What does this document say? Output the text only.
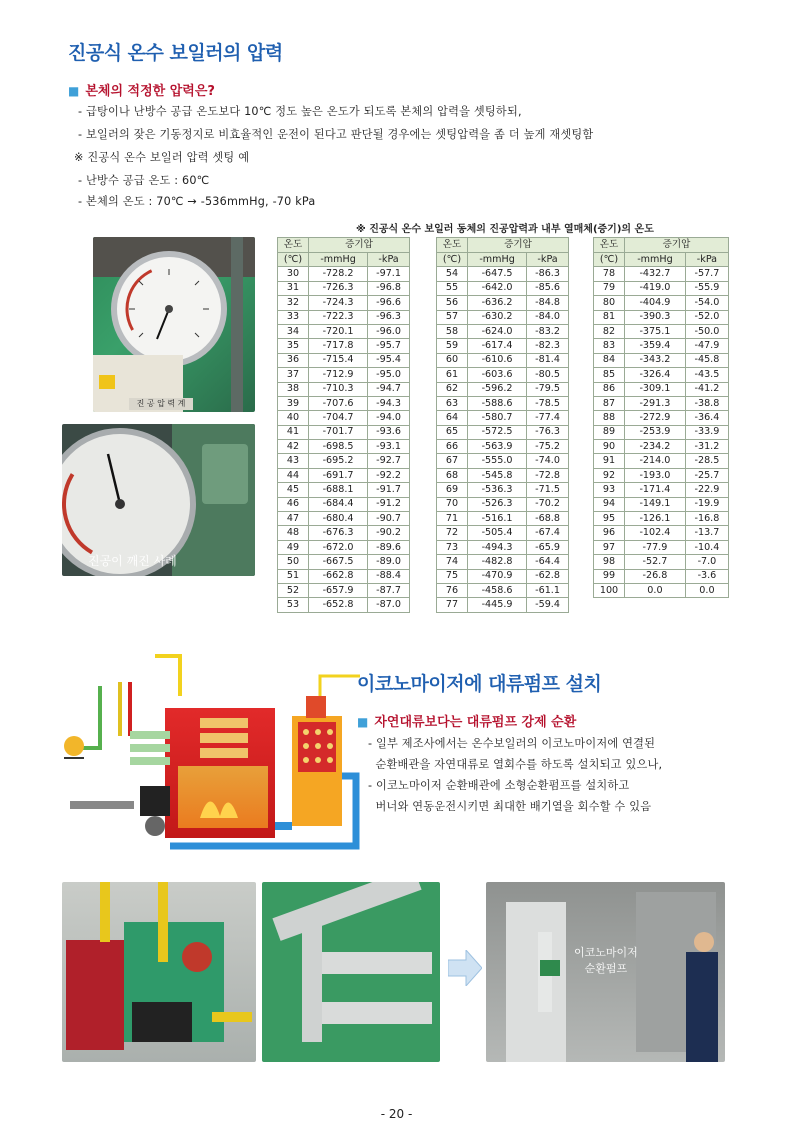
진공식 온수 보일러의 압력
■ 본체의 적정한 압력은?
- 급탕이나 난방수 공급 온도보다 10℃ 정도 높은 온도가 되도록 본체의 압력을 셋팅하되,
- 보일러의 잦은 기동정지로 비효율적인 운전이 된다고 판단될 경우에는 셋팅압력을 좀 더 높게 재셋팅함
※ 진공식 온수 보일러 압력 셋팅 예
- 난방수 공급 온도 : 60℃
- 본체의 온도 : 70℃ → -536mmHg, -70 kPa
※ 진공식 온수 보일러 동체의 진공압력과 내부 열매체(증기)의 온도
온도	증기압	
(℃)	-mmHg	-kPa
30	-728.2	-97.1
31	-726.3	-96.8
32	-724.3	-96.6
33	-722.3	-96.3
34	-720.1	-96.0
35	-717.8	-95.7
36	-715.4	-95.4
37	-712.9	-95.0
38	-710.3	-94.7
39	-707.6	-94.3
40	-704.7	-94.0
41	-701.7	-93.6
42	-698.5	-93.1
43	-695.2	-92.7
44	-691.7	-92.2
45	-688.1	-91.7
46	-684.4	-91.2
47	-680.4	-90.7
48	-676.3	-90.2
49	-672.0	-89.6
50	-667.5	-89.0
51	-662.8	-88.4
52	-657.9	-87.7
53	-652.8	-87.0
온도	증기압	
(℃)	-mmHg	-kPa
54	-647.5	-86.3
55	-642.0	-85.6
56	-636.2	-84.8
57	-630.2	-84.0
58	-624.0	-83.2
59	-617.4	-82.3
60	-610.6	-81.4
61	-603.6	-80.5
62	-596.2	-79.5
63	-588.6	-78.5
64	-580.7	-77.4
65	-572.5	-76.3
66	-563.9	-75.2
67	-555.0	-74.0
68	-545.8	-72.8
69	-536.3	-71.5
70	-526.3	-70.2
71	-516.1	-68.8
72	-505.4	-67.4
73	-494.3	-65.9
74	-482.8	-64.4
75	-470.9	-62.8
76	-458.6	-61.1
77	-445.9	-59.4
온도	증기압	
(℃)	-mmHg	-kPa
78	-432.7	-57.7
79	-419.0	-55.9
80	-404.9	-54.0
81	-390.3	-52.0
82	-375.1	-50.0
83	-359.4	-47.9
84	-343.2	-45.8
85	-326.4	-43.5
86	-309.1	-41.2
87	-291.3	-38.8
88	-272.9	-36.4
89	-253.9	-33.9
90	-234.2	-31.2
91	-214.0	-28.5
92	-193.0	-25.7
93	-171.4	-22.9
94	-149.1	-19.9
95	-126.1	-16.8
96	-102.4	-13.7
97	-77.9	-10.4
98	-52.7	-7.0
99	-26.8	-3.6
100	0.0	0.0
진 공 압 력 계
진공이 깨진 사례
이코노마이저에 대류펌프 설치
■ 자연대류보다는 대류펌프 강제 순환
- 일부 제조사에서는 온수보일러의 이코노마이저에 연결된
순환배관을 자연대류로 열회수를 하도록 설치되고 있으나,
- 이코노마이저 순환배관에 소형순환펌프를 설치하고
버너와 연동운전시키면 최대한 배기열을 회수할 수 있음
이코노마이저
순환펌프
- 20 -
